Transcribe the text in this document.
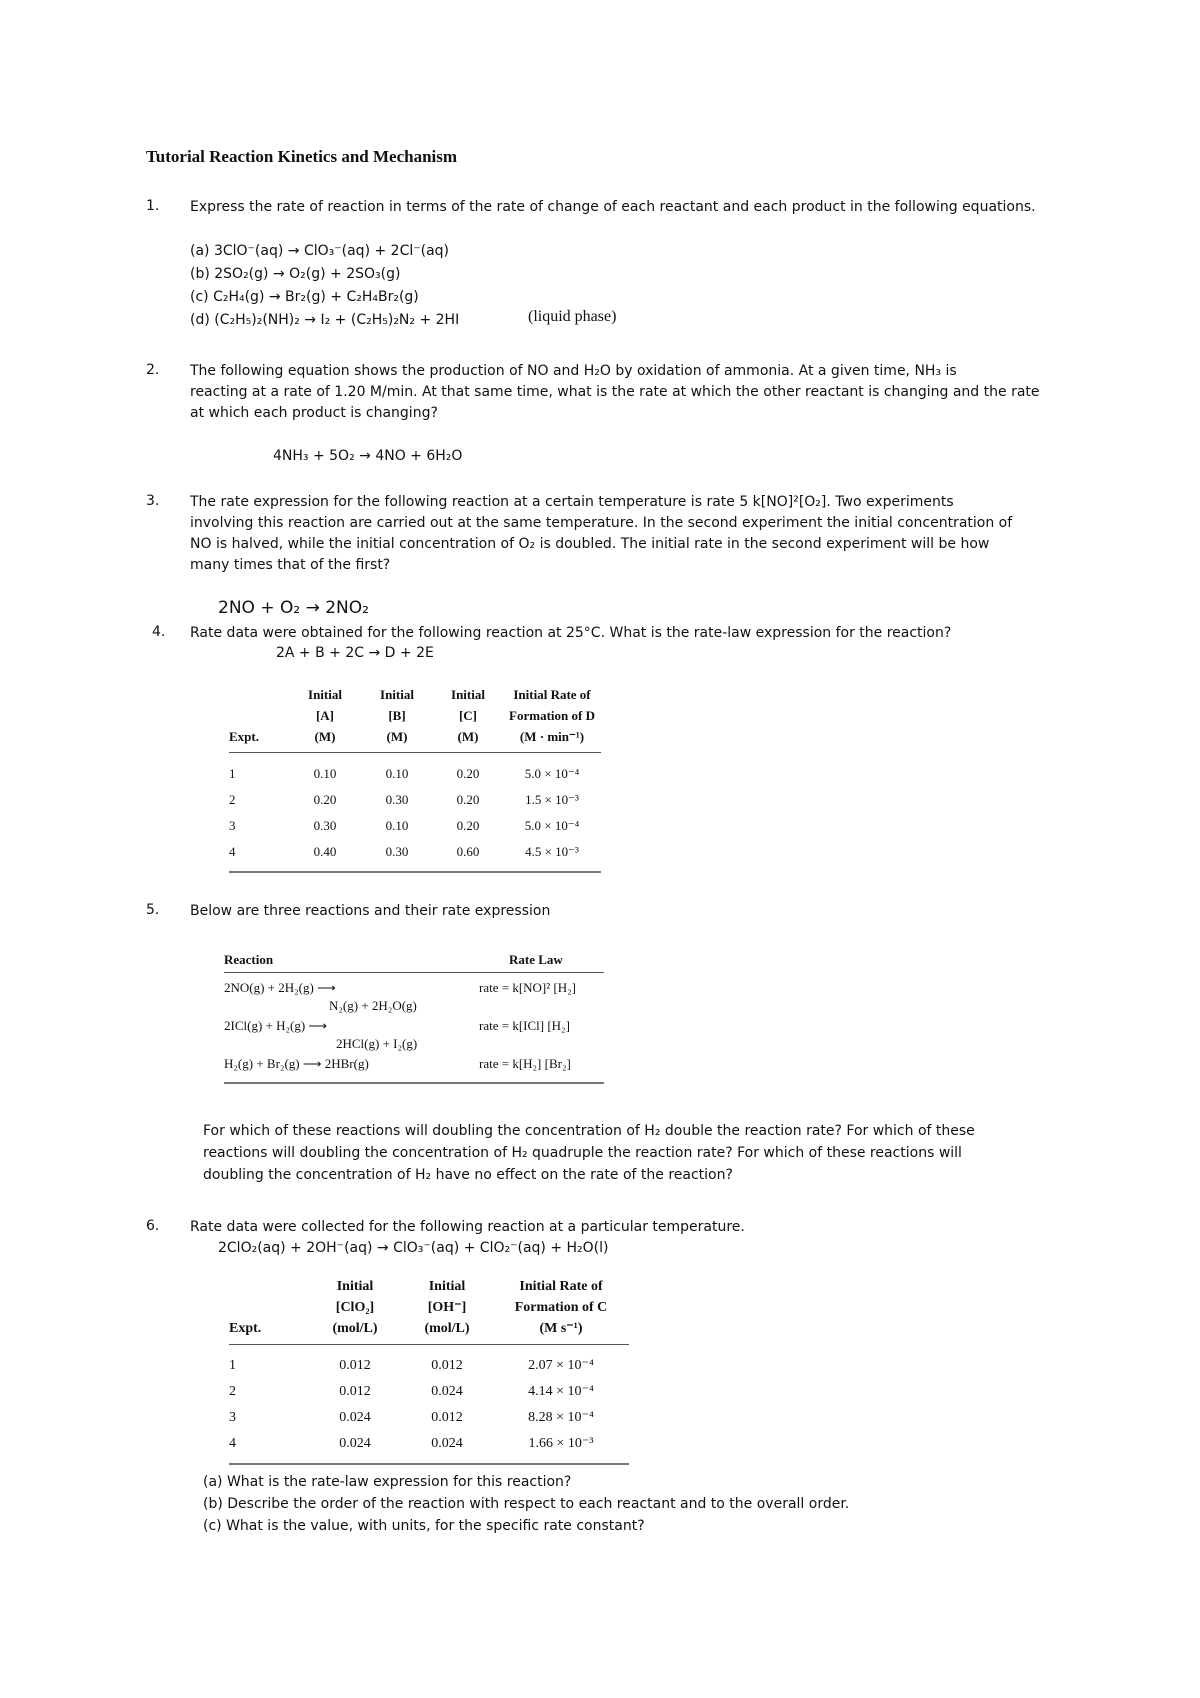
Tutorial Reaction Kinetics and Mechanism
1.	Express the rate of reaction in terms of the rate of change of each reactant and each product in the following equations.
(a) 3ClO⁻(aq) → ClO₃⁻(aq) + 2Cl⁻(aq)
(b) 2SO₂(g) → O₂(g) + 2SO₃(g)
(c) C₂H₄(g) → Br₂(g) + C₂H₄Br₂(g)
(d) (C₂H₅)₂(NH)₂ → I₂ + (C₂H₅)₂N₂ + 2HI	(liquid phase)
2.	The following equation shows the production of NO and H₂O by oxidation of ammonia. At a given time, NH₃ is
reacting at a rate of 1.20 M/min. At that same time, what is the rate at which the other reactant is changing and the rate
at which each product is changing?
4NH₃ + 5O₂ → 4NO + 6H₂O
3.	The rate expression for the following reaction at a certain temperature is rate 5 k[NO]²[O₂]. Two experiments
involving this reaction are carried out at the same temperature. In the second experiment the initial concentration of
NO is halved, while the initial concentration of O₂ is doubled. The initial rate in the second experiment will be how
many times that of the first?
2NO + O₂ → 2NO₂
4.	Rate data were obtained for the following reaction at 25°C. What is the rate-law expression for the reaction?
2A + B + 2C → D + 2E
	Initial	Initial	Initial	Initial Rate of
	[A]	[B]	[C]	Formation of D
Expt.	(M)	(M)	(M)	(M · min⁻¹)
1	0.10	0.10	0.20	5.0 × 10⁻⁴
2	0.20	0.30	0.20	1.5 × 10⁻³
3	0.30	0.10	0.20	5.0 × 10⁻⁴
4	0.40	0.30	0.60	4.5 × 10⁻³
5.	Below are three reactions and their rate expression
Reaction	Rate Law
2NO(g) + 2H₂(g) ⟶	rate = k[NO]² [H₂]
N₂(g) + 2H₂O(g)
2ICl(g) + H₂(g) ⟶	rate = k[ICl] [H₂]
2HCl(g) + I₂(g)
H₂(g) + Br₂(g) ⟶ 2HBr(g)	rate = k[H₂] [Br₂]
For which of these reactions will doubling the concentration of H₂ double the reaction rate? For which of these
reactions will doubling the concentration of H₂ quadruple the reaction rate? For which of these reactions will
doubling the concentration of H₂ have no effect on the rate of the reaction?
6.	Rate data were collected for the following reaction at a particular temperature.
2ClO₂(aq) + 2OH⁻(aq) → ClO₃⁻(aq) + ClO₂⁻(aq) + H₂O(l)
	Initial	Initial	Initial Rate of
	[ClO₂]	[OH⁻]	Formation of C
Expt.	(mol/L)	(mol/L)	(M s⁻¹)
1	0.012	0.012	2.07 × 10⁻⁴
2	0.012	0.024	4.14 × 10⁻⁴
3	0.024	0.012	8.28 × 10⁻⁴
4	0.024	0.024	1.66 × 10⁻³
(a) What is the rate-law expression for this reaction?
(b) Describe the order of the reaction with respect to each reactant and to the overall order.
(c) What is the value, with units, for the specific rate constant?
